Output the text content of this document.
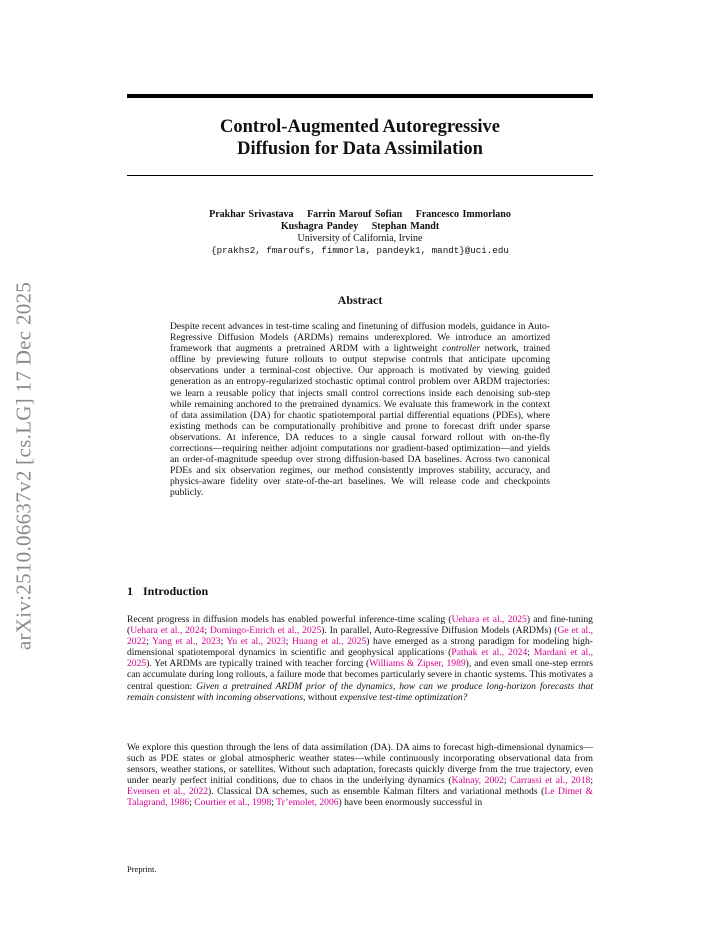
arXiv:2510.06637v2 [cs.LG] 17 Dec 2025
Control-Augmented Autoregressive
Diffusion for Data Assimilation
Prakhar Srivastava Farrin Marouf Sofian Francesco Immorlano
Kushagra Pandey Stephan Mandt
University of California, Irvine
{prakhs2, fmaroufs, fimmorla, pandeyk1, mandt}@uci.edu
Abstract
Despite recent advances in test-time scaling and finetuning of diffusion models, guidance in Auto-Regressive Diffusion Models (ARDMs) remains underexplored. We introduce an amortized framework that augments a pretrained ARDM with a lightweight controller network, trained offline by previewing future rollouts to output stepwise controls that anticipate upcoming observations under a terminal-cost objective. Our approach is motivated by viewing guided generation as an entropy-regularized stochastic optimal control problem over ARDM trajectories: we learn a reusable policy that injects small control corrections inside each denoising sub-step while remaining anchored to the pretrained dynamics. We evaluate this framework in the context of data assimilation (DA) for chaotic spatiotemporal partial differential equations (PDEs), where existing methods can be computationally prohibitive and prone to forecast drift under sparse observations. At inference, DA reduces to a single causal forward rollout with on-the-fly corrections—requiring neither adjoint computations nor gradient-based optimization—and yields an order-of-magnitude speedup over strong diffusion-based DA baselines. Across two canonical PDEs and six observation regimes, our method consistently improves stability, accuracy, and physics-aware fidelity over state-of-the-art baselines. We will release code and checkpoints publicly.
1 Introduction
Recent progress in diffusion models has enabled powerful inference-time scaling (Uehara et al., 2025) and fine-tuning (Uehara et al., 2024; Domingo-Enrich et al., 2025). In parallel, Auto-Regressive Diffusion Models (ARDMs) (Ge et al., 2022; Yang et al., 2023; Yu et al., 2023; Huang et al., 2025) have emerged as a strong paradigm for modeling high-dimensional spatiotemporal dynamics in scientific and geophysical applications (Pathak et al., 2024; Mardani et al., 2025). Yet ARDMs are typically trained with teacher forcing (Williams & Zipser, 1989), and even small one-step errors can accumulate during long rollouts, a failure mode that becomes particularly severe in chaotic systems. This motivates a central question: Given a pretrained ARDM prior of the dynamics, how can we produce long-horizon forecasts that remain consistent with incoming observations, without expensive test-time optimization?
We explore this question through the lens of data assimilation (DA). DA aims to forecast high-dimensional dynamics—such as PDE states or global atmospheric weather states—while continuously incorporating observational data from sensors, weather stations, or satellites. Without such adaptation, forecasts quickly diverge from the true trajectory, even under nearly perfect initial conditions, due to chaos in the underlying dynamics (Kalnay, 2002; Carrassi et al., 2018; Evensen et al., 2022). Classical DA schemes, such as ensemble Kalman filters and variational methods (Le Dimet & Talagrand, 1986; Courtier et al., 1998; Tr’emolet, 2006) have been enormously successful in
Preprint.
